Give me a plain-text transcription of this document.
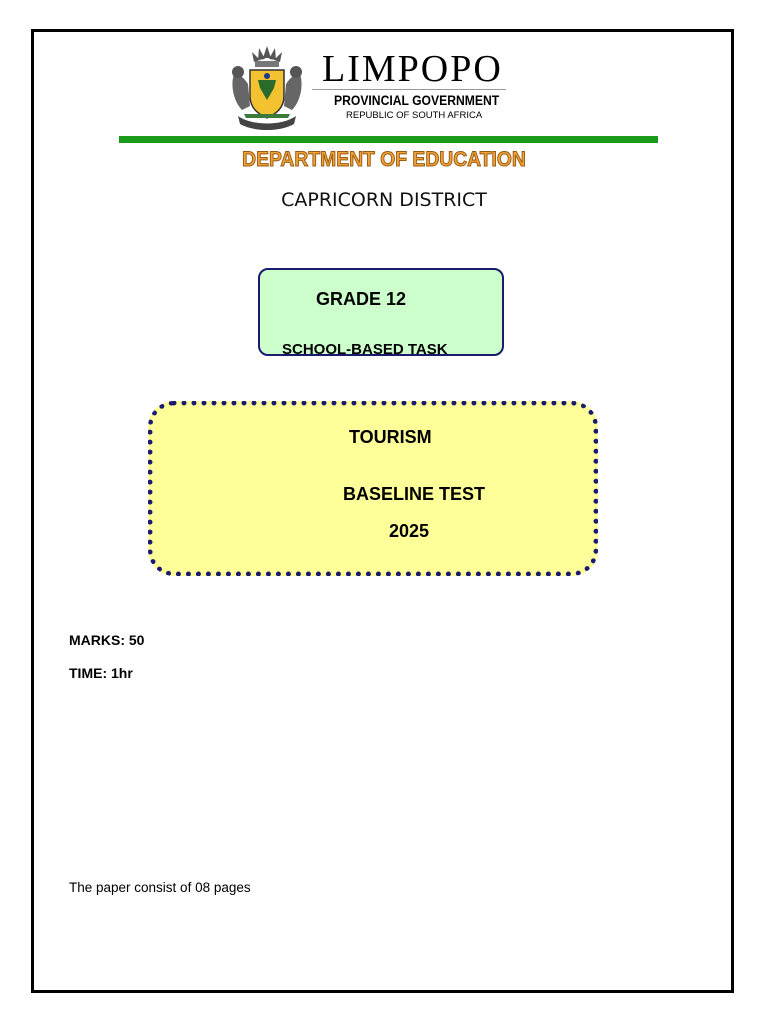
LIMPOPO
PROVINCIAL GOVERNMENT
REPUBLIC OF SOUTH AFRICA
DEPARTMENT OF EDUCATION
CAPRICORN DISTRICT
GRADE 12
SCHOOL-BASED TASK
TOURISM
BASELINE TEST
2025
MARKS: 50
TIME: 1hr
The paper consist of 08 pages
